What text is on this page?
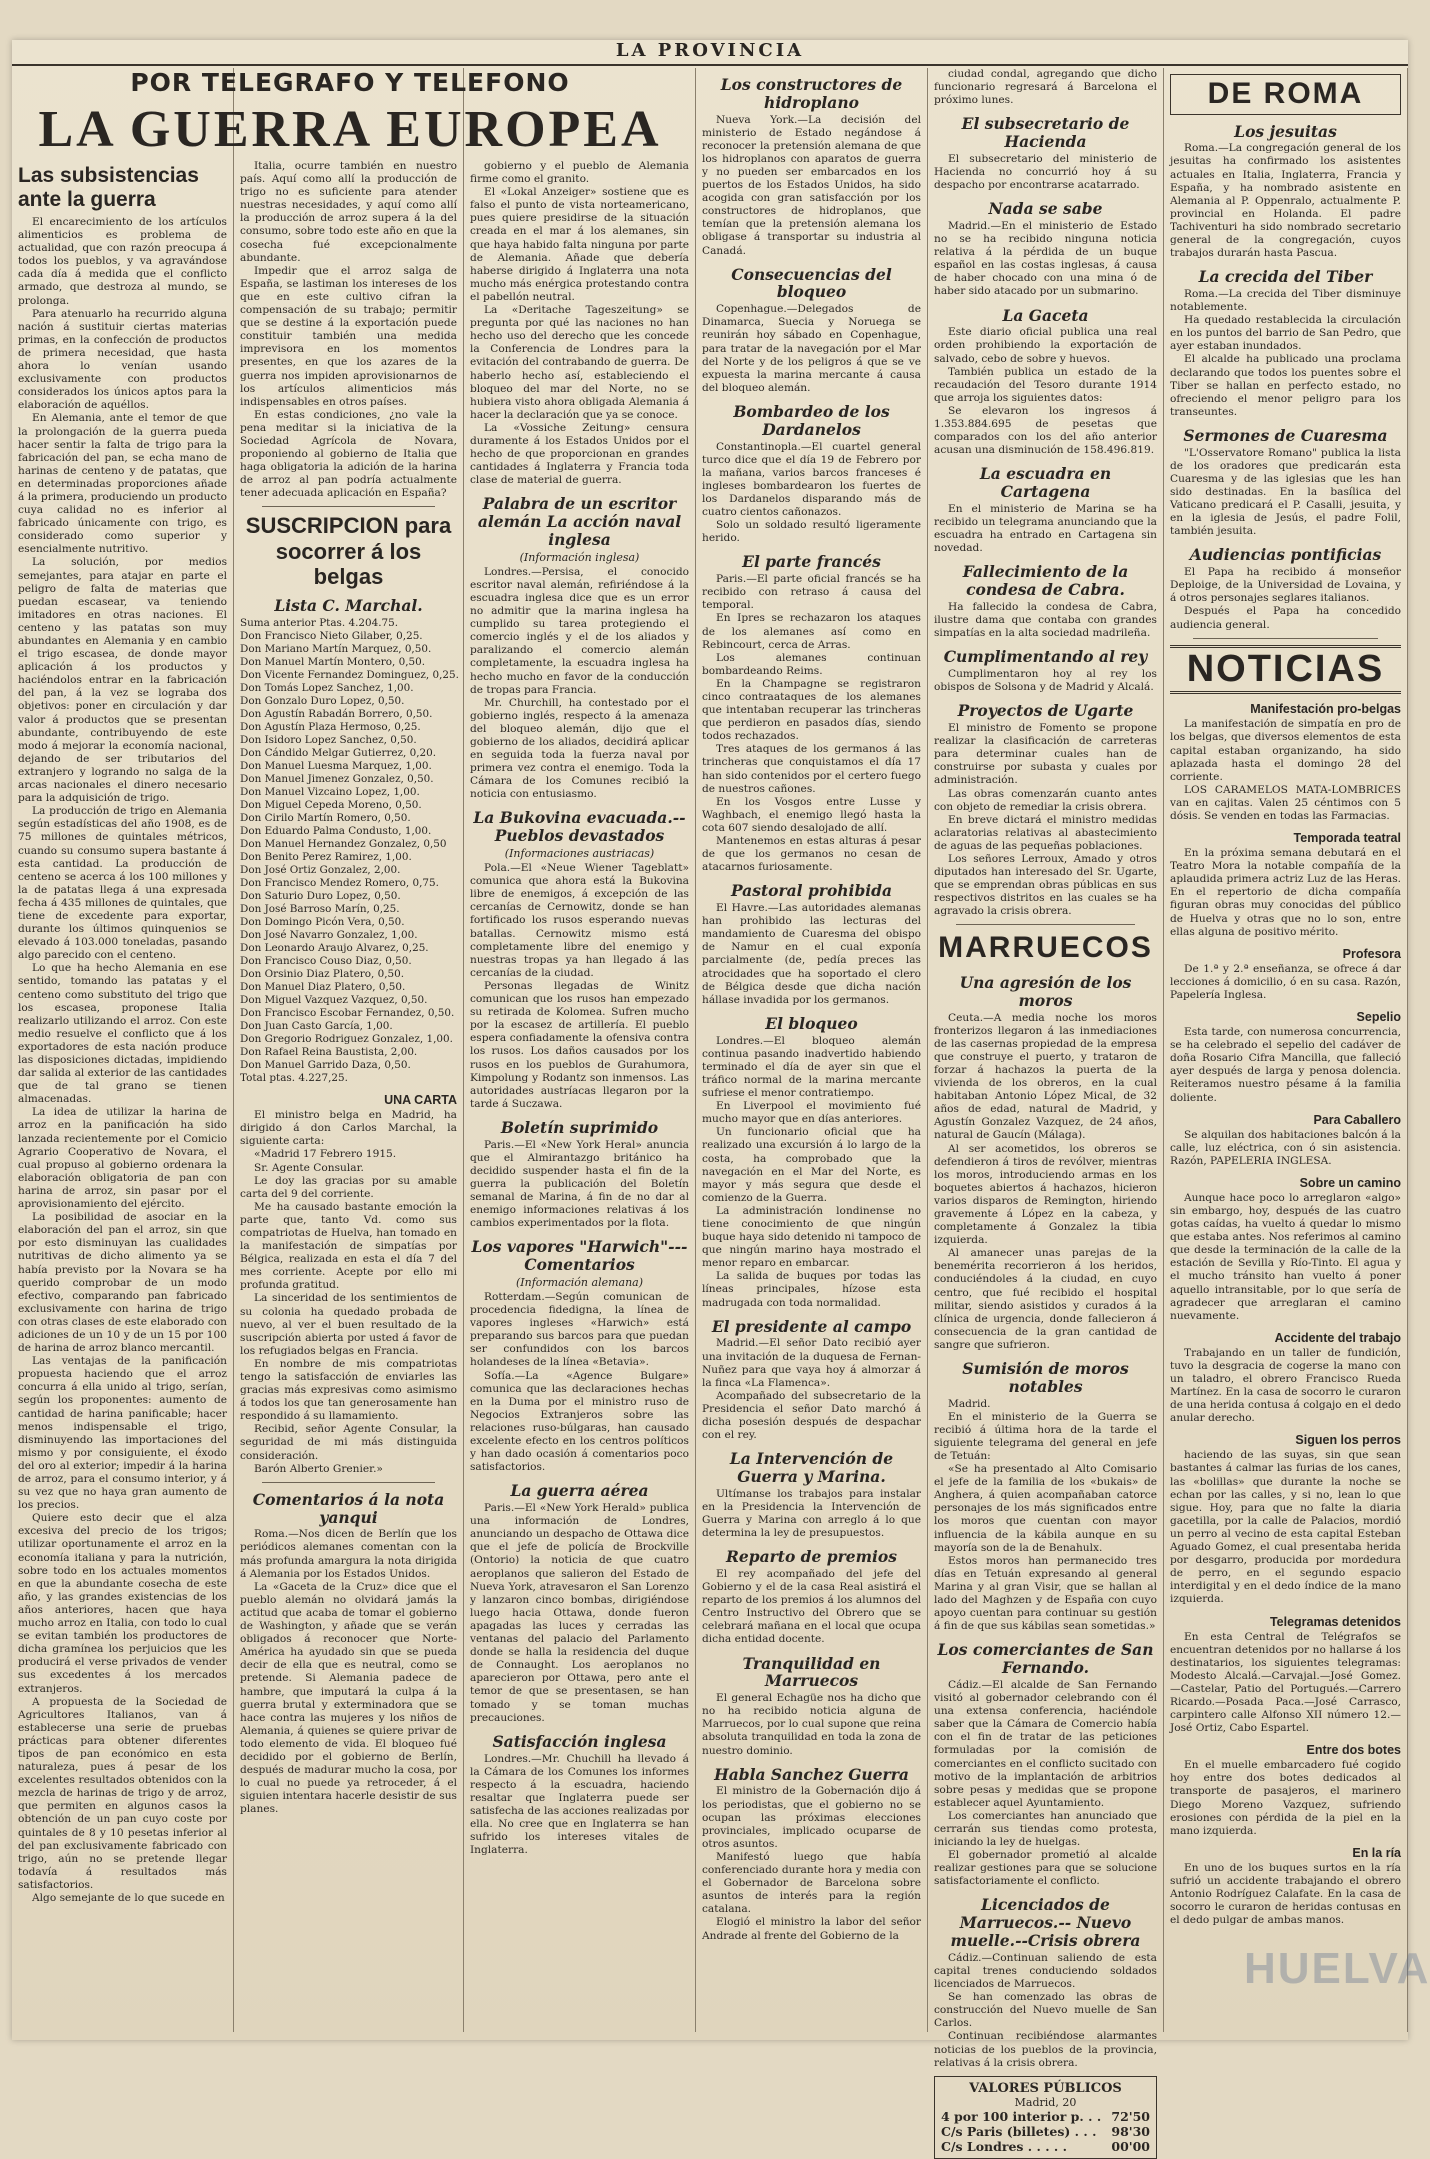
LA PROVINCIA
Las subsistencias ante la guerra

El encarecimiento de los artículos alimenticios es problema de actualidad, que con razón preocupa á todos los pueblos, y va agravándose cada día á medida que el conflicto armado, que destroza al mundo, se prolonga.

Para atenuarlo ha recurrido alguna nación á sustituir ciertas materias primas, en la confección de productos de primera necesidad, que hasta ahora lo venían usando exclusivamente con productos considerados los únicos aptos para la elaboración de aquéllos.

En Alemania, ante el temor de que la prolongación de la guerra pueda hacer sentir la falta de trigo para la fabricación del pan, se echa mano de harinas de centeno y de patatas, que en determinadas proporciones añade á la primera, produciendo un producto cuya calidad no es inferior al fabricado únicamente con trigo, es considerado como superior y esencialmente nutritivo.

La solución, por medios semejantes, para atajar en parte el peligro de falta de materias que puedan escasear, va teniendo imitadores en otras naciones. El centeno y las patatas son muy abundantes en Alemania y en cambio el trigo escasea, de donde mayor aplicación á los productos y haciéndolos entrar en la fabricación del pan, á la vez se lograba dos objetivos: poner en circulación y dar valor á productos que se presentan abundante, contribuyendo de este modo á mejorar la economía nacional, dejando de ser tributarios del extranjero y logrando no salga de la arcas nacionales el dinero necesario para la adquisición de trigo.

La producción de trigo en Alemania según estadísticas del año 1908, es de 75 millones de quintales métricos, cuando su consumo supera bastante á esta cantidad. La producción de centeno se acerca á los 100 millones y la de patatas llega á una expresada fecha á 435 millones de quintales, que tiene de excedente para exportar, durante los últimos quinquenios se elevado á 103.000 toneladas, pasando algo parecido con el centeno.

Lo que ha hecho Alemania en ese sentido, tomando las patatas y el centeno como substituto del trigo que los escasea, proponese Italia realizarlo utilizando el arroz. Con este medio resuelve el conflicto que á los exportadores de esta nación produce las disposiciones dictadas, impidiendo dar salida al exterior de las cantidades que de tal grano se tienen almacenadas.

La idea de utilizar la harina de arroz en la panificación ha sido lanzada recientemente por el Comicio Agrario Cooperativo de Novara, el cual propuso al gobierno ordenara la elaboración obligatoria de pan con harina de arroz, sin pasar por el aprovisionamiento del ejército.

La posibilidad de asociar en la elaboración del pan el arroz, sin que por esto disminuyan las cualidades nutritivas de dicho alimento ya se había previsto por la Novara se ha querido comprobar de un modo efectivo, comparando pan fabricado exclusivamente con harina de trigo con otras clases de este elaborado con adiciones de un 10 y de un 15 por 100 de harina de arroz blanco mercantil.

Las ventajas de la panificación propuesta haciendo que el arroz concurra á ella unido al trigo, serían, según los proponentes: aumento de cantidad de harina panificable; hacer menos indispensable el trigo, disminuyendo las importaciones del mismo y por consiguiente, el éxodo del oro al exterior; impedir á la harina de arroz, para el consumo interior, y á su vez que no haya gran aumento de los precios.

Quiere esto decir que el alza excesiva del precio de los trigos; utilizar oportunamente el arroz en la economía italiana y para la nutrición, sobre todo en los actuales momentos en que la abundante cosecha de este año, y las grandes existencias de los años anteriores, hacen que haya mucho arroz en Italia, con todo lo cual se evitan también los productores de dicha gramínea los perjuicios que les producirá el verse privados de vender sus excedentes á los mercados extranjeros.

A propuesta de la Sociedad de Agricultores Italianos, van á establecerse una serie de pruebas prácticas para obtener diferentes tipos de pan económico en esta naturaleza, pues á pesar de los excelentes resultados obtenidos con la mezcla de harinas de trigo y de arroz, que permiten en algunos casos la obtención de un pan cuyo coste por quintales de 8 y 10 pesetas inferior al del pan exclusivamente fabricado con trigo, aún no se pretende llegar todavía á resultados más satisfactorios.

Algo semejante de lo que sucede en

Italia, ocurre también en nuestro país. Aquí como allí la producción de trigo no es suficiente para atender nuestras necesidades, y aquí como allí la producción de arroz supera á la del consumo, sobre todo este año en que la cosecha fué excepcionalmente abundante.

Impedir que el arroz salga de España, se lastiman los intereses de los que en este cultivo cifran la compensación de su trabajo; permitir que se destine á la exportación puede constituir también una medida imprevisora en los momentos presentes, en que los azares de la guerra nos impiden aprovisionarnos de los artículos alimenticios más indispensables en otros países.

En estas condiciones, ¿no vale la pena meditar si la iniciativa de la Sociedad Agrícola de Novara, proponiendo al gobierno de Italia que haga obligatoria la adición de la harina de arroz al pan podría actualmente tener adecuada aplicación en España?

SUSCRIPCION para socorrer á los belgas
Lista C. Marchal.
Suma anterior Ptas. 4.204.75.
Don Francisco Nieto Gilaber, 0,25.
Don Mariano Martín Marquez, 0,50.
Don Manuel Martín Montero, 0,50.
Don Vicente Fernandez Dominguez, 0,25.
Don Tomás Lopez Sanchez, 1,00.
Don Gonzalo Duro Lopez, 0,50.
Don Agustín Rabadán Borrero, 0,50.
Don Agustín Plaza Hermoso, 0,25.
Don Isidoro Lopez Sanchez, 0,50.
Don Cándido Melgar Gutierrez, 0,20.
Don Manuel Luesma Marquez, 1,00.
Don Manuel Jimenez Gonzalez, 0,50.
Don Manuel Vizcaino Lopez, 1,00.
Don Miguel Cepeda Moreno, 0,50.
Don Cirilo Martín Romero, 0,50.
Don Eduardo Palma Condusto, 1,00.
Don Manuel Hernandez Gonzalez, 0,50
Don Benito Perez Ramirez, 1,00.
Don José Ortiz Gonzalez, 2,00.
Don Francisco Mendez Romero, 0,75.
Don Saturio Duro Lopez, 0,50.
Don José Barroso Marín, 0,25.
Don Domingo Picón Vera, 0,50.
Don José Navarro Gonzalez, 1,00.
Don Leonardo Araujo Alvarez, 0,25.
Don Francisco Couso Diaz, 0,50.
Don Orsinio Diaz Platero, 0,50.
Don Manuel Diaz Platero, 0,50.
Don Miguel Vazquez Vazquez, 0,50.
Don Francisco Escobar Fernandez, 0,50.
Don Juan Casto García, 1,00.
Don Gregorio Rodriguez Gonzalez, 1,00.
Don Rafael Reina Baustista, 2,00.
Don Manuel Garrido Daza, 0,50.
Total ptas. 4.227,25.
UNA CARTA

El ministro belga en Madrid, ha dirigido á don Carlos Marchal, la siguiente carta:

«Madrid 17 Febrero 1915.

Sr. Agente Consular.

Le doy las gracias por su amable carta del 9 del corriente.

Me ha causado bastante emoción la parte que, tanto Vd. como sus compatriotas de Huelva, han tomado en la manifestación de simpatías por Bélgica, realizada en esta el día 7 del mes corriente. Acepte por ello mi profunda gratitud.

La sinceridad de los sentimientos de su colonia ha quedado probada de nuevo, al ver el buen resultado de la suscripción abierta por usted á favor de los refugiados belgas en Francia.

En nombre de mis compatriotas tengo la satisfacción de enviarles las gracias más expresivas como asimismo á todos los que tan generosamente han respondido á su llamamiento.

Recibid, señor Agente Consular, la seguridad de mi más distinguida consideración.

Barón Alberto Grenier.»

Comentarios á la nota yanqui

Roma.—Nos dicen de Berlín que los periódicos alemanes comentan con la más profunda amargura la nota dirigida á Alemania por los Estados Unidos.

La «Gaceta de la Cruz» dice que el pueblo alemán no olvidará jamás la actitud que acaba de tomar el gobierno de Washington, y añade que se verán obligados á reconocer que Norte-América ha ayudado sin que se pueda decir de ella que es neutral, como se pretende. Si Alemania padece de hambre, que imputará la culpa á la guerra brutal y exterminadora que se hace contra las mujeres y los niños de Alemania, á quienes se quiere privar de todo elemento de vida. El bloqueo fué decidido por el gobierno de Berlín, después de madurar mucho la cosa, por lo cual no puede ya retroceder, á el siguien intentara hacerle desistir de sus planes.

gobierno y el pueblo de Alemania firme como el granito.

El «Lokal Anzeiger» sostiene que es falso el punto de vista norteamericano, pues quiere presidirse de la situación creada en el mar á los alemanes, sin que haya habido falta ninguna por parte de Alemania. Añade que debería haberse dirigido á Inglaterra una nota mucho más enérgica protestando contra el pabellón neutral.

La «Deritache Tageszeitung» se pregunta por qué las naciones no han hecho uso del derecho que les concede la Conferencia de Londres para la evitación del contrabando de guerra. De haberlo hecho así, estableciendo el bloqueo del mar del Norte, no se hubiera visto ahora obligada Alemania á hacer la declaración que ya se conoce.

La «Vossiche Zeitung» censura duramente á los Estados Unidos por el hecho de que proporcionan en grandes cantidades á Inglaterra y Francia toda clase de material de guerra.

Palabra de un escritor alemán La acción naval inglesa
(Información inglesa)

Londres.—Persisa, el conocido escritor naval alemán, refiriéndose á la escuadra inglesa dice que es un error no admitir que la marina inglesa ha cumplido su tarea protegiendo el comercio inglés y el de los aliados y paralizando el comercio alemán completamente, la escuadra inglesa ha hecho mucho en favor de la conducción de tropas para Francia.

Mr. Churchill, ha contestado por el gobierno inglés, respecto á la amenaza del bloqueo alemán, dijo que el gobierno de los aliados, decidirá aplicar en seguida toda la fuerza naval por primera vez contra el enemigo. Toda la Cámara de los Comunes recibió la noticia con entusiasmo.

La Bukovina evacuada.-- Pueblos devastados
(Informaciones austriacas)

Pola.—El «Neue Wiener Tageblatt» comunica que ahora está la Bukovina libre de enemigos, á excepción de las cercanías de Cernowitz, donde se han fortificado los rusos esperando nuevas batallas. Cernowitz mismo está completamente libre del enemigo y nuestras tropas ya han llegado á las cercanías de la ciudad.

Personas llegadas de Winitz comunican que los rusos han empezado su retirada de Kolomea. Sufren mucho por la escasez de artillería. El pueblo espera confiadamente la ofensiva contra los rusos. Los daños causados por los rusos en los pueblos de Gurahumora, Kimpolung y Rodantz son inmensos. Las autoridades austríacas llegaron por la tarde á Suczawa.

Boletín suprimido

Paris.—El «New York Heral» anuncia que el Almirantazgo británico ha decidido suspender hasta el fin de la guerra la publicación del Boletín semanal de Marina, á fin de no dar al enemigo informaciones relativas á los cambios experimentados por la flota.

Los vapores "Harwich"---Comentarios
(Información alemana)

Rotterdam.—Según comunican de procedencia fidedigna, la línea de vapores ingleses «Harwich» está preparando sus barcos para que puedan ser confundidos con los barcos holandeses de la línea «Betavia».

Sofía.—La «Agence Bulgare» comunica que las declaraciones hechas en la Duma por el ministro ruso de Negocios Extranjeros sobre las relaciones ruso-búlgaras, han causado excelente efecto en los centros políticos y han dado ocasión á comentarios poco satisfactorios.

La guerra aérea

Paris.—El «New York Herald» publica una información de Londres, anunciando un despacho de Ottawa dice que el jefe de policía de Brockville (Ontorio) la noticia de que cuatro aeroplanos que salieron del Estado de Nueva York, atravesaron el San Lorenzo y lanzaron cinco bombas, dirigiéndose luego hacia Ottawa, donde fueron apagadas las luces y cerradas las ventanas del palacio del Parlamento donde se halla la residencia del duque de Connaught. Los aeroplanos no aparecieron por Ottawa, pero ante el temor de que se presentasen, se han tomado y se toman muchas precauciones.

Satisfacción inglesa

Londres.—Mr. Chuchill ha llevado á la Cámara de los Comunes los informes respecto á la escuadra, haciendo resaltar que Inglaterra puede ser satisfecha de las acciones realizadas por ella. No cree que en Inglaterra se han sufrido los intereses vitales de Inglaterra.

Los constructores de hidroplano

Nueva York.—La decisión del ministerio de Estado negándose á reconocer la pretensión alemana de que los hidroplanos con aparatos de guerra y no pueden ser embarcados en los puertos de los Estados Unidos, ha sido acogida con gran satisfacción por los constructores de hidroplanos, que temían que la pretensión alemana los obligase á transportar su industria al Canadá.

Consecuencias del bloqueo

Copenhague.—Delegados de Dinamarca, Suecia y Noruega se reunirán hoy sábado en Copenhague, para tratar de la navegación por el Mar del Norte y de los peligros á que se ve expuesta la marina mercante á causa del bloqueo alemán.

Bombardeo de los Dardanelos

Constantinopla.—El cuartel general turco dice que el día 19 de Febrero por la mañana, varios barcos franceses é ingleses bombardearon los fuertes de los Dardanelos disparando más de cuatro cientos cañonazos.

Solo un soldado resultó ligeramente herido.

El parte francés

Paris.—El parte oficial francés se ha recibido con retraso á causa del temporal.

En Ipres se rechazaron los ataques de los alemanes así como en Rebincourt, cerca de Arras.

Los alemanes continuan bombardeando Reims.

En la Champagne se registraron cinco contraataques de los alemanes que intentaban recuperar las trincheras que perdieron en pasados días, siendo todos rechazados.

Tres ataques de los germanos á las trincheras que conquistamos el día 17 han sido contenidos por el certero fuego de nuestros cañones.

En los Vosgos entre Lusse y Waghbach, el enemigo llegó hasta la cota 607 siendo desalojado de allí.

Mantenemos en estas alturas á pesar de que los germanos no cesan de atacarnos furiosamente.

Pastoral prohibida

El Havre.—Las autoridades alemanas han prohibido las lecturas del mandamiento de Cuaresma del obispo de Namur en el cual exponía parcialmente (de, pedía preces las atrocidades que ha soportado el clero de Bélgica desde que dicha nación hállase invadida por los germanos.

El bloqueo

Londres.—El bloqueo alemán continua pasando inadvertido habiendo terminado el día de ayer sin que el tráfico normal de la marina mercante sufriese el menor contratiempo.

En Liverpool el movimiento fué mucho mayor que en días anteriores.

Un funcionario oficial que ha realizado una excursión á lo largo de la costa, ha comprobado que la navegación en el Mar del Norte, es mayor y más segura que desde el comienzo de la Guerra.

La administración londinense no tiene conocimiento de que ningún buque haya sido detenido ni tampoco de que ningún marino haya mostrado el menor reparo en embarcar.

La salida de buques por todas las líneas principales, hízose esta madrugada con toda normalidad.

El presidente al campo

Madrid.—El señor Dato recibió ayer una invitación de la duquesa de Fernan-Nuñez para que vaya hoy á almorzar á la finca «La Flamenca».

Acompañado del subsecretario de la Presidencia el señor Dato marchó á dicha posesión después de despachar con el rey.

La Intervención de Guerra y Marina.

Ultímanse los trabajos para instalar en la Presidencia la Intervención de Guerra y Marina con arreglo á lo que determina la ley de presupuestos.

Reparto de premios

El rey acompañado del jefe del Gobierno y el de la casa Real asistirá el reparto de los premios á los alumnos del Centro Instructivo del Obrero que se celebrará mañana en el local que ocupa dicha entidad docente.

Tranquilidad en Marruecos

El general Echagüe nos ha dicho que no ha recibido noticia alguna de Marruecos, por lo cual supone que reina absoluta tranquilidad en toda la zona de nuestro dominio.

Habla Sanchez Guerra

El ministro de la Gobernación dijo á los periodistas, que el gobierno no se ocupan las próximas elecciones provinciales, implicado ocuparse de otros asuntos.

Manifestó luego que había conferenciado durante hora y media con el Gobernador de Barcelona sobre asuntos de interés para la región catalana.

Elogió el ministro la labor del señor Andrade al frente del Gobierno de la

ciudad condal, agregando que dicho funcionario regresará á Barcelona el próximo lunes.

El subsecretario de Hacienda

El subsecretario del ministerio de Hacienda no concurrió hoy á su despacho por encontrarse acatarrado.

Nada se sabe

Madrid.—En el ministerio de Estado no se ha recibido ninguna noticia relativa á la pérdida de un buque español en las costas inglesas, á causa de haber chocado con una mina ó de haber sido atacado por un submarino.

La Gaceta

Este diario oficial publica una real orden prohibiendo la exportación de salvado, cebo de sobre y huevos.

También publica un estado de la recaudación del Tesoro durante 1914 que arroja los siguientes datos:

Se elevaron los ingresos á 1.353.884.695 de pesetas que comparados con los del año anterior acusan una disminución de 158.496.819.

La escuadra en Cartagena

En el ministerio de Marina se ha recibido un telegrama anunciando que la escuadra ha entrado en Cartagena sin novedad.

Fallecimiento de la condesa de Cabra.

Ha fallecido la condesa de Cabra, ilustre dama que contaba con grandes simpatías en la alta sociedad madrileña.

Cumplimentando al rey

Cumplimentaron hoy al rey los obispos de Solsona y de Madrid y Alcalá.

Proyectos de Ugarte

El ministro de Fomento se propone realizar la clasificación de carreteras para determinar cuales han de construirse por subasta y cuales por administración.

Las obras comenzarán cuanto antes con objeto de remediar la crisis obrera.

En breve dictará el ministro medidas aclaratorias relativas al abastecimiento de aguas de las pequeñas poblaciones.

Los señores Lerroux, Amado y otros diputados han interesado del Sr. Ugarte, que se emprendan obras públicas en sus respectivos distritos en las cuales se ha agravado la crisis obrera.

MARRUECOS
Una agresión de los moros

Ceuta.—A media noche los moros fronterizos llegaron á las inmediaciones de las casernas propiedad de la empresa que construye el puerto, y trataron de forzar á hachazos la puerta de la vivienda de los obreros, en la cual habitaban Antonio López Mical, de 32 años de edad, natural de Madrid, y Agustín Gonzalez Vazquez, de 24 años, natural de Gaucín (Málaga).

Al ser acometidos, los obreros se defendieron á tiros de revólver, mientras los moros, introduciendo armas en los boquetes abiertos á hachazos, hicieron varios disparos de Remington, hiriendo gravemente á López en la cabeza, y completamente á Gonzalez la tibia izquierda.

Al amanecer unas parejas de la benemérita recorrieron á los heridos, conduciéndoles á la ciudad, en cuyo centro, que fué recibido el hospital militar, siendo asistidos y curados á la clínica de urgencia, donde fallecieron á consecuencia de la gran cantidad de sangre que sufrieron.

Sumisión de moros notables

Madrid.

En el ministerio de la Guerra se recibió á última hora de la tarde el siguiente telegrama del general en jefe de Tetuán:

«Se ha presentado al Alto Comisario el jefe de la familia de los «bukais» de Anghera, á quien acompañaban catorce personajes de los más significados entre los moros que cuentan con mayor influencia de la kábila aunque en su mayoría son de la de Benahulx.

Estos moros han permanecido tres días en Tetuán expresando al general Marina y al gran Visir, que se hallan al lado del Maghzen y de España con cuyo apoyo cuentan para continuar su gestión á fin de que sus kábilas sean sometidas.»

Los comerciantes de San Fernando.

Cádiz.—El alcalde de San Fernando visitó al gobernador celebrando con él una extensa conferencia, haciéndole saber que la Cámara de Comercio había con el fin de tratar de las peticiones formuladas por la comisión de comerciantes en el conflicto sucitado con motivo de la implantación de arbitrios sobre pesas y medidas que se propone establecer aquel Ayuntamiento.

Los comerciantes han anunciado que cerrarán sus tiendas como protesta, iniciando la ley de huelgas.

El gobernador prometió al alcalde realizar gestiones para que se solucione satisfactoriamente el conflicto.

Licenciados de Marruecos.-- Nuevo muelle.--Crisis obrera

Cádiz.—Continuan saliendo de esta capital trenes conduciendo soldados licenciados de Marruecos.

Se han comenzado las obras de construcción del Nuevo muelle de San Carlos.

Continuan recibiéndose alarmantes noticias de los pueblos de la provincia, relativas á la crisis obrera.

VALORES PÚBLICOS
Madrid, 20
4 por 100 interior p. . . 72'50
C/s Paris (billetes) . . . 98'30
C/s Londres . . . . .	00'00
DE ROMA
Los jesuitas

Roma.—La congregación general de los jesuitas ha confirmado los asistentes actuales en Italia, Inglaterra, Francia y España, y ha nombrado asistente en Alemania al P. Oppenralo, actualmente P. provincial en Holanda. El padre Tachiventuri ha sido nombrado secretario general de la congregación, cuyos trabajos durarán hasta Pascua.

La crecida del Tiber

Roma.—La crecida del Tiber disminuye notablemente.

Ha quedado restablecida la circulación en los puntos del barrio de San Pedro, que ayer estaban inundados.

El alcalde ha publicado una proclama declarando que todos los puentes sobre el Tiber se hallan en perfecto estado, no ofreciendo el menor peligro para los transeuntes.

Sermones de Cuaresma

"L'Osservatore Romano" publica la lista de los oradores que predicarán esta Cuaresma y de las iglesias que les han sido destinadas. En la basílica del Vaticano predicará el P. Casalli, jesuita, y en la iglesia de Jesús, el padre Folil, también jesuita.

Audiencias pontificias

El Papa ha recibido á monseñor Deploige, de la Universidad de Lovaina, y á otros personajes seglares italianos.

Después el Papa ha concedido audiencia general.

NOTICIAS
Manifestación pro-belgas

La manifestación de simpatía en pro de los belgas, que diversos elementos de esta capital estaban organizando, ha sido aplazada hasta el domingo 28 del corriente.

LOS CARAMELOS MATA-LOMBRICES van en cajitas. Valen 25 céntimos con 5 dósis. Se venden en todas las Farmacias.

Temporada teatral

En la próxima semana debutará en el Teatro Mora la notable compañía de la aplaudida primera actriz Luz de las Heras. En el repertorio de dicha compañía figuran obras muy conocidas del público de Huelva y otras que no lo son, entre ellas alguna de positivo mérito.

Profesora

De 1.ª y 2.ª enseñanza, se ofrece á dar lecciones á domicilio, ó en su casa. Razón, Papelería Inglesa.

Sepelio

Esta tarde, con numerosa concurrencia, se ha celebrado el sepelio del cadáver de doña Rosario Cifra Mancilla, que falleció ayer después de larga y penosa dolencia. Reiteramos nuestro pésame á la familia doliente.

Para Caballero

Se alquilan dos habitaciones balcón á la calle, luz eléctrica, con ó sin asistencia. Razón, PAPELERIA INGLESA.

Sobre un camino

Aunque hace poco lo arreglaron «algo» sin embargo, hoy, después de las cuatro gotas caídas, ha vuelto á quedar lo mismo que estaba antes. Nos referimos al camino que desde la terminación de la calle de la estación de Sevilla y Río-Tinto. El agua y el mucho tránsito han vuelto á poner aquello intransitable, por lo que sería de agradecer que arreglaran el camino nuevamente.

Accidente del trabajo

Trabajando en un taller de fundición, tuvo la desgracia de cogerse la mano con un taladro, el obrero Francisco Rueda Martínez. En la casa de socorro le curaron de una herida contusa á colgajo en el dedo anular derecho.

Siguen los perros

haciendo de las suyas, sin que sean bastantes á calmar las furias de los canes, las «bolillas» que durante la noche se echan por las calles, y si no, lean lo que sigue. Hoy, para que no falte la diaria gacetilla, por la calle de Palacios, mordió un perro al vecino de esta capital Esteban Aguado Gomez, el cual presentaba herida por desgarro, producida por mordedura de perro, en el segundo espacio interdigital y en el dedo índice de la mano izquierda.

Telegramas detenidos

En esta Central de Telégrafos se encuentran detenidos por no hallarse á los destinatarios, los siguientes telegramas: Modesto Alcalá.—Carvajal.—José Gomez.—Castelar, Patio del Portugués.—Carrero Ricardo.—Posada Paca.—José Carrasco, carpintero calle Alfonso XII número 12.—José Ortiz, Cabo Espartel.

Entre dos botes

En el muelle embarcadero fué cogido hoy entre dos botes dedicados al transporte de pasajeros, el marinero Diego Moreno Vazquez, sufriendo erosiones con pérdida de la piel en la mano izquierda.

En la ría

En uno de los buques surtos en la ría sufrió un accidente trabajando el obrero Antonio Rodríguez Calafate. En la casa de socorro le curaron de heridas contusas en el dedo pulgar de ambas manos.

HUELVA
POR TELEGRAFO Y TELEFONO
LA GUERRA EUROPEA
